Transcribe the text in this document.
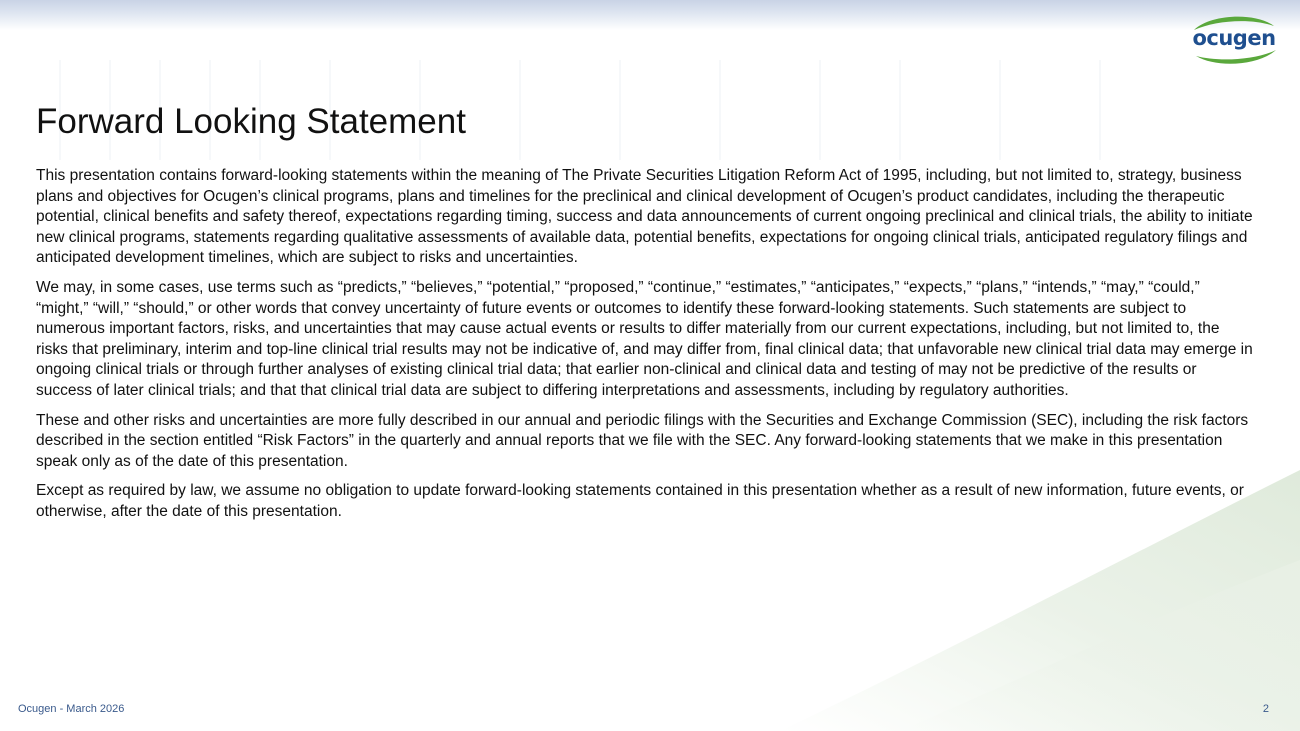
ocugen
Forward Looking Statement

This presentation contains forward-looking statements within the meaning of The Private Securities Litigation Reform Act of 1995, including, but not limited to, strategy, business plans and objectives for Ocugen’s clinical programs, plans and timelines for the preclinical and clinical development of Ocugen’s product candidates, including the therapeutic potential, clinical benefits and safety thereof, expectations regarding timing, success and data announcements of current ongoing preclinical and clinical trials, the ability to initiate new clinical programs, statements regarding qualitative assessments of available data, potential benefits, expectations for ongoing clinical trials, anticipated regulatory filings and anticipated development timelines, which are subject to risks and uncertainties.

We may, in some cases, use terms such as “predicts,” “believes,” “potential,” “proposed,” “continue,” “estimates,” “anticipates,” “expects,” “plans,” “intends,” “may,” “could,” “might,” “will,” “should,” or other words that convey uncertainty of future events or outcomes to identify these forward-looking statements. Such statements are subject to numerous important factors, risks, and uncertainties that may cause actual events or results to differ materially from our current expectations, including, but not limited to, the risks that preliminary, interim and top-line clinical trial results may not be indicative of, and may differ from, final clinical data; that unfavorable new clinical trial data may emerge in ongoing clinical trials or through further analyses of existing clinical trial data; that earlier non-clinical and clinical data and testing of may not be predictive of the results or success of later clinical trials; and that that clinical trial data are subject to differing interpretations and assessments, including by regulatory authorities.

These and other risks and uncertainties are more fully described in our annual and periodic filings with the Securities and Exchange Commission (SEC), including the risk factors described in the section entitled “Risk Factors” in the quarterly and annual reports that we file with the SEC. Any forward-looking statements that we make in this presentation speak only as of the date of this presentation.

Except as required by law, we assume no obligation to update forward-looking statements contained in this presentation whether as a result of new information, future events, or otherwise, after the date of this presentation.

Ocugen - March 2026	2
